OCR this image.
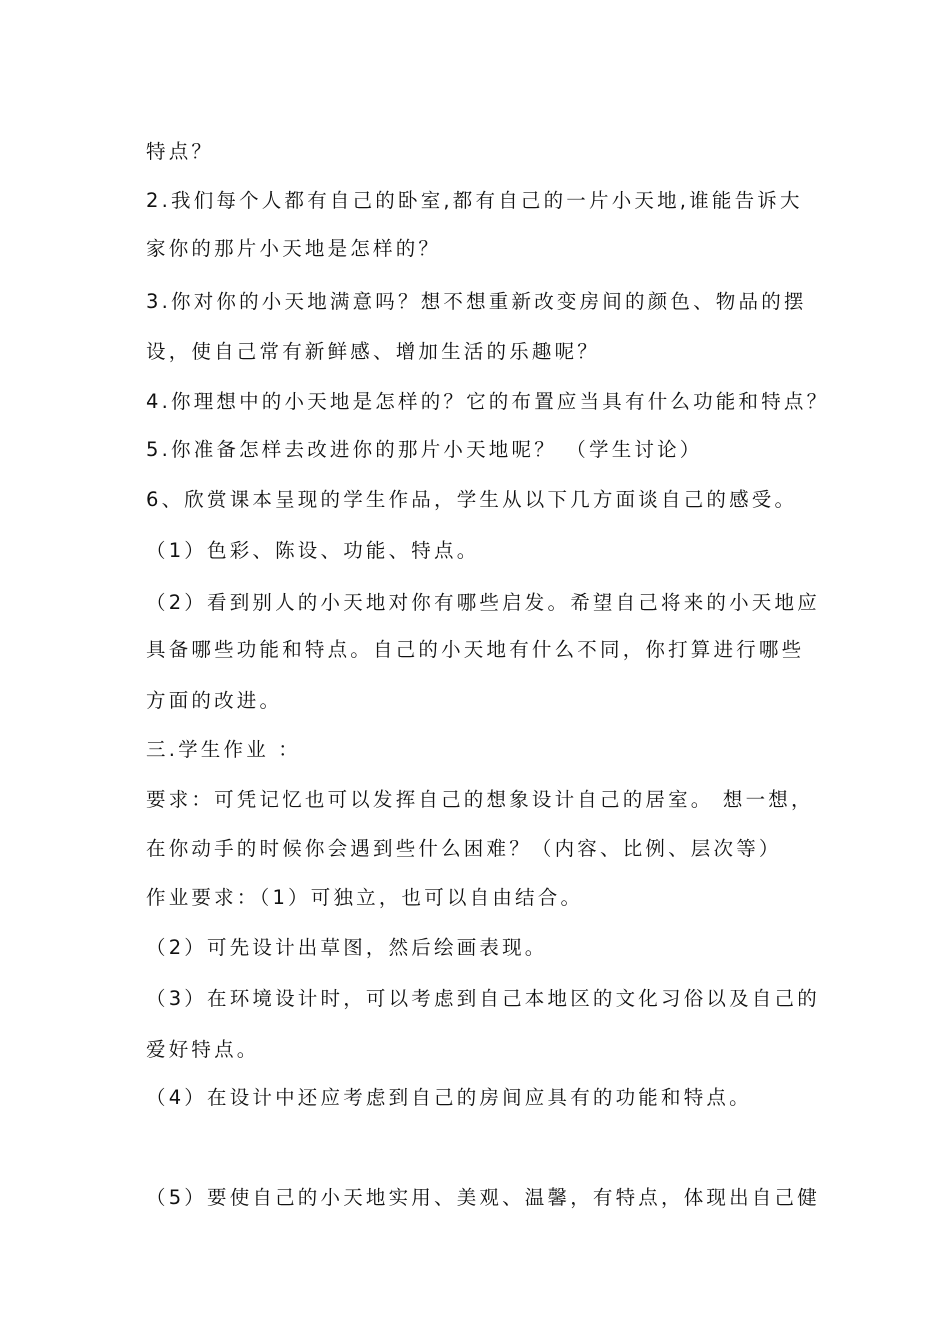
特点？
2.我们每个人都有自己的卧室,都有自己的一片小天地,谁能告诉大
家你的那片小天地是怎样的？
3.你对你的小天地满意吗？想不想重新改变房间的颜色、物品的摆
设，使自己常有新鲜感、增加生活的乐趣呢？
4.你理想中的小天地是怎样的？它的布置应当具有什么功能和特点？
5.你准备怎样去改进你的那片小天地呢？ （学生讨论）
6、欣赏课本呈现的学生作品，学生从以下几方面谈自己的感受。
（1）色彩、陈设、功能、特点。
（2）看到别人的小天地对你有哪些启发。希望自己将来的小天地应
具备哪些功能和特点。自己的小天地有什么不同，你打算进行哪些
方面的改进。
三.学生作业 ：
要求：可凭记忆也可以发挥自己的想象设计自己的居室。 想一想，
在你动手的时候你会遇到些什么困难？（内容、比例、层次等）
作业要求：（1）可独立，也可以自由结合。
（2）可先设计出草图，然后绘画表现。
（3）在环境设计时，可以考虑到自己本地区的文化习俗以及自己的
爱好特点。
（4）在设计中还应考虑到自己的房间应具有的功能和特点。
（5）要使自己的小天地实用、美观、温馨，有特点，体现出自己健
